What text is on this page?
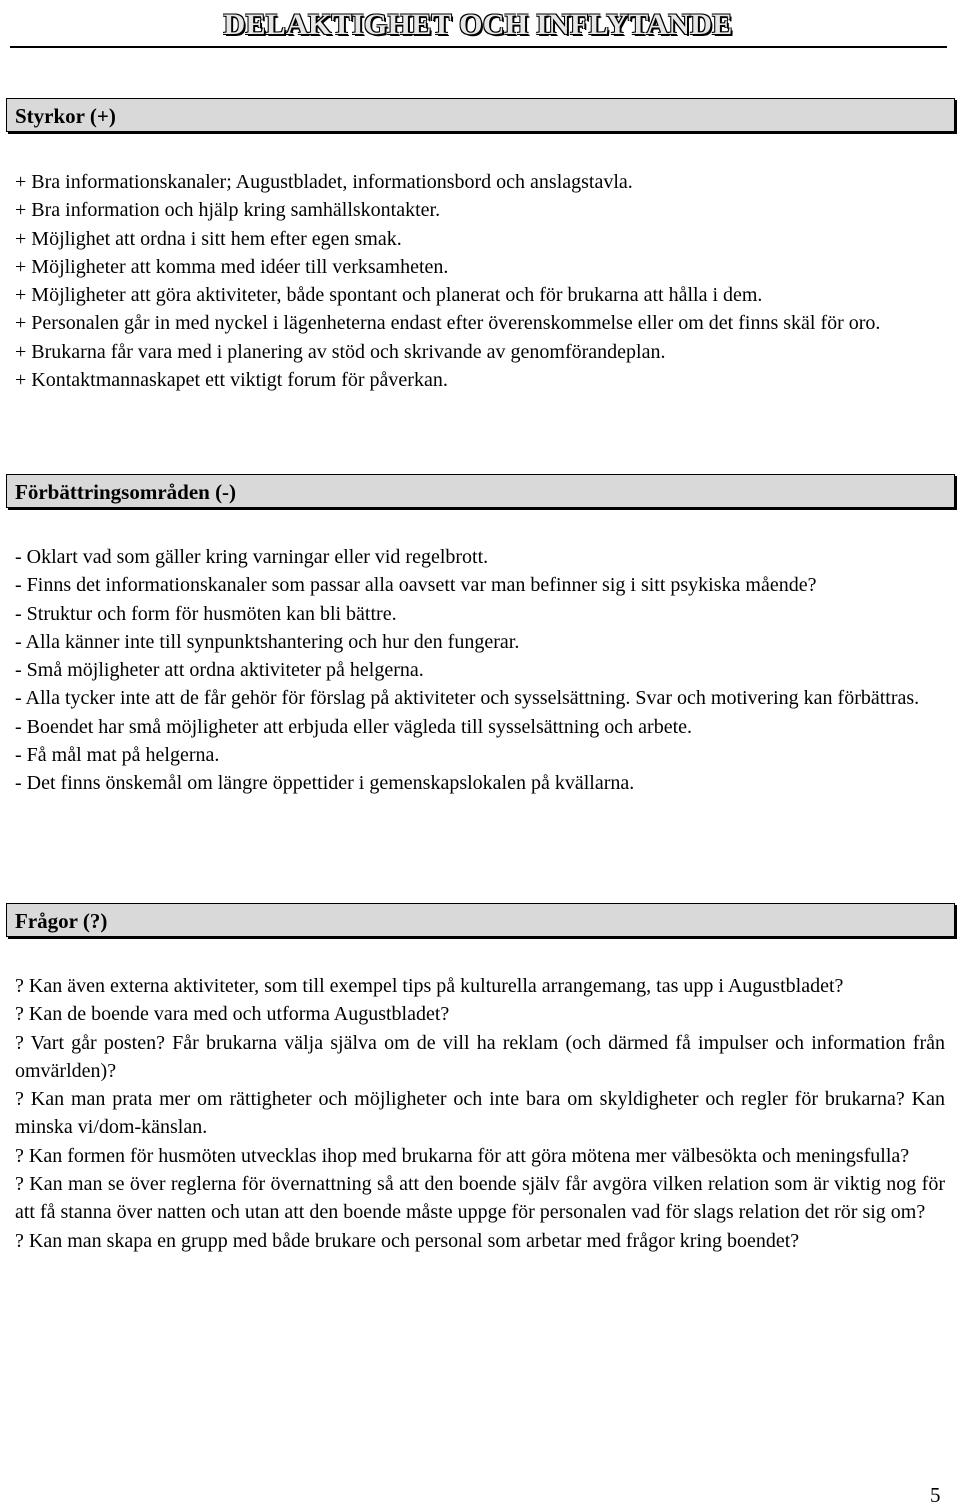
DELAKTIGHET OCH INFLYTANDE
Styrkor (+)
+ Bra informationskanaler; Augustbladet, informationsbord och anslagstavla.
+ Bra information och hjälp kring samhällskontakter.
+ Möjlighet att ordna i sitt hem efter egen smak.
+ Möjligheter att komma med idéer till verksamheten.
+ Möjligheter att göra aktiviteter, både spontant och planerat och för brukarna att hålla i dem.
+ Personalen går in med nyckel i lägenheterna endast efter överenskommelse eller om det finns skäl för oro.
+ Brukarna får vara med i planering av stöd och skrivande av genomförandeplan.
+ Kontaktmannaskapet ett viktigt forum för påverkan.
Förbättringsområden (-)
- Oklart vad som gäller kring varningar eller vid regelbrott.
- Finns det informationskanaler som passar alla oavsett var man befinner sig i sitt psykiska mående?
- Struktur och form för husmöten kan bli bättre.
- Alla känner inte till synpunktshantering och hur den fungerar.
- Små möjligheter att ordna aktiviteter på helgerna.
- Alla tycker inte att de får gehör för förslag på aktiviteter och sysselsättning. Svar och motivering kan förbättras.
- Boendet har små möjligheter att erbjuda eller vägleda till sysselsättning och arbete.
- Få mål mat på helgerna.
- Det finns önskemål om längre öppettider i gemenskapslokalen på kvällarna.
Frågor (?)
? Kan även externa aktiviteter, som till exempel tips på kulturella arrangemang, tas upp i Augustbladet?
? Kan de boende vara med och utforma Augustbladet?
? Vart går posten? Får brukarna välja själva om de vill ha reklam (och därmed få impulser och information från omvärlden)?
? Kan man prata mer om rättigheter och möjligheter och inte bara om skyldigheter och regler för brukarna? Kan minska vi/dom-känslan.
? Kan formen för husmöten utvecklas ihop med brukarna för att göra mötena mer välbesökta och meningsfulla?
? Kan man se över reglerna för övernattning så att den boende själv får avgöra vilken relation som är viktig nog för att få stanna över natten och utan att den boende måste uppge för personalen vad för slags relation det rör sig om?
? Kan man skapa en grupp med både brukare och personal som arbetar med frågor kring boendet?
5
